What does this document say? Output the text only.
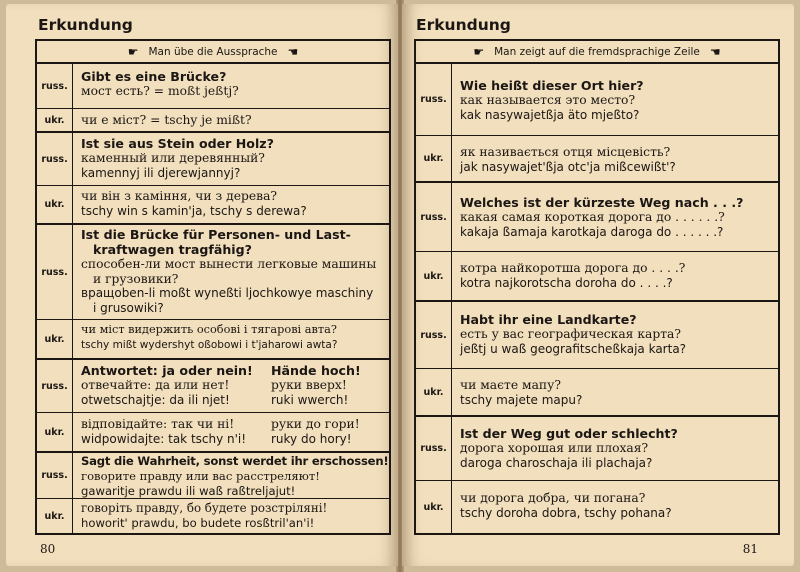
Erkundung
☛ Man übe die Aussprache ☚
russ.
Gibt es eine Brücke?
мост есть? = moßt jeßtj?
ukr.	чи е міст? = tschy je mißt?
russ.
Ist sie aus Stein oder Holz?
каменный или деревянный?
kamennyj ili djerewjannyj?
ukr.
чи він з каміння, чи з дерева?
tschy win s kamin'ja, tschy s derewa?
russ.
Ist die Brücke für Personen- und Last-
kraftwagen tragfähig?
способен-ли мост вынести легковые машины
и грузовики?
вращоben-li moßt wyneßti ljochkowye maschiny
i grusowiki?
ukr.
чи міст видержить особові і тягарові авта?
tschy mißt wydershyt oßobowi i t'jaharowi awta?
russ.
Antwortet: ja oder nein!
отвечайте: да или нет!
otwetschajtje: da ili njet!
Hände hoch!
руки вверх!
ruki wwerch!
ukr.
відповідайте: так чи ні!
widpowidajte: tak tschy n'i!
руки до гори!
ruky do hory!
russ.
Sagt die Wahrheit, sonst werdet ihr erschossen!
говорите правду или вас расстреляют!
gawaritje prawdu ili waß raßtreljajut!
ukr.
говоріть правду, бо будете розстріляні!
howorit' prawdu, bo budete rosßtril'an'i!
80
Erkundung
☛ Man zeigt auf die fremdsprachige Zeile ☚
russ.
Wie heißt dieser Ort hier?
как называется это место?
kak nasywajetßja äto mjeßto?
ukr.	як називається отця місцевість?
jak nasywajet'ßja otc'ja mißcewißt'?
russ.
Welches ist der kürzeste Weg nach . . .?
какая самая короткая дорога до . . . . . .?
kakaja ßamaja karotkaja daroga do . . . . . .?
ukr.
котра найкоротша дорога до . . . .?
kotra najkorotscha doroha do . . . .?
russ.
Habt ihr eine Landkarte?
есть у вас географическая карта?
jeßtj u waß geografitscheßkaja karta?
ukr.	чи маєте мапу?
tschy majete mapu?
russ.
Ist der Weg gut oder schlecht?
дорога хорошая или плохая?
daroga charoschaja ili plachaja?
ukr.
чи дорога добра, чи погана?
tschy doroha dobra, tschy pohana?
81
